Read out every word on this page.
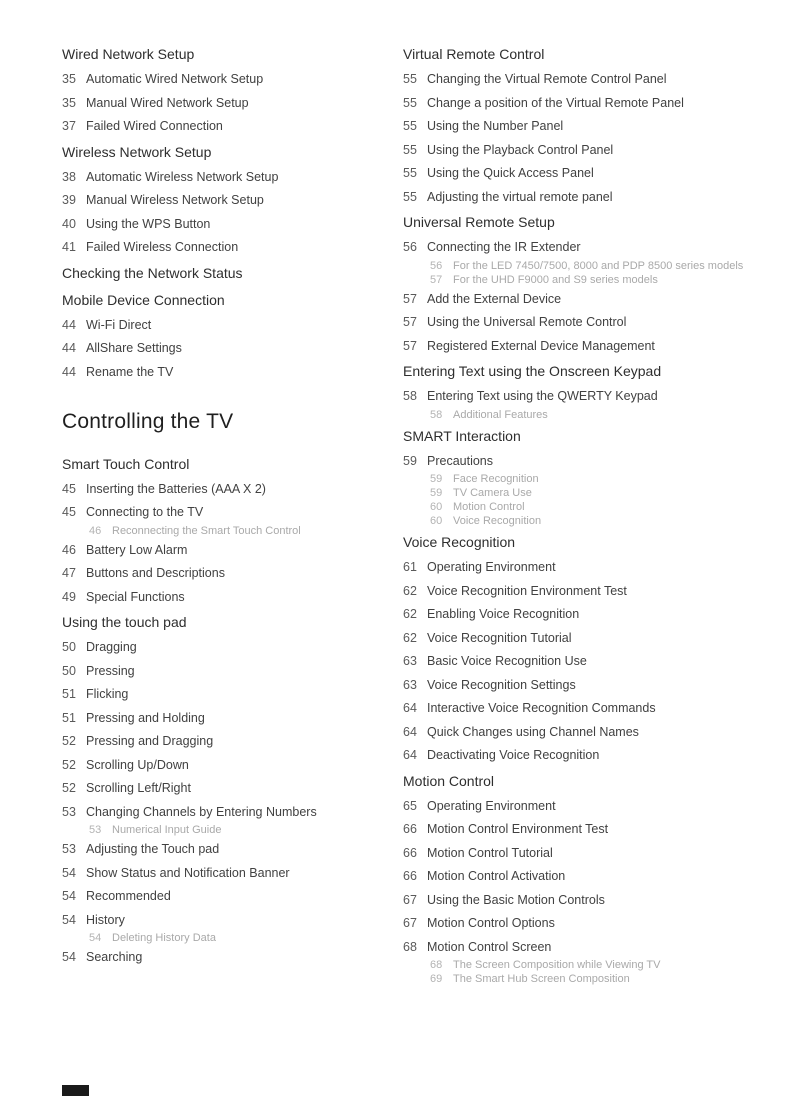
Wired Network Setup
35 Automatic Wired Network Setup
35 Manual Wired Network Setup
37 Failed Wired Connection
Wireless Network Setup
38 Automatic Wireless Network Setup
39 Manual Wireless Network Setup
40 Using the WPS Button
41 Failed Wireless Connection
Checking the Network Status
Mobile Device Connection
44 Wi-Fi Direct
44 AllShare Settings
44 Rename the TV
Controlling the TV
Smart Touch Control
45 Inserting the Batteries (AAA X 2)
45 Connecting to the TV
46 Reconnecting the Smart Touch Control
46 Battery Low Alarm
47 Buttons and Descriptions
49 Special Functions
Using the touch pad
50 Dragging
50 Pressing
51 Flicking
51 Pressing and Holding
52 Pressing and Dragging
52 Scrolling Up/Down
52 Scrolling Left/Right
53 Changing Channels by Entering Numbers
53 Numerical Input Guide
53 Adjusting the Touch pad
54 Show Status and Notification Banner
54 Recommended
54 History
54 Deleting History Data
54 Searching
Virtual Remote Control
55 Changing the Virtual Remote Control Panel
55 Change a position of the Virtual Remote Panel
55 Using the Number Panel
55 Using the Playback Control Panel
55 Using the Quick Access Panel
55 Adjusting the virtual remote panel
Universal Remote Setup
56 Connecting the IR Extender
56 For the LED 7450/7500, 8000 and PDP 8500 series models
57 For the UHD F9000 and S9 series models
57 Add the External Device
57 Using the Universal Remote Control
57 Registered External Device Management
Entering Text using the Onscreen Keypad
58 Entering Text using the QWERTY Keypad
58 Additional Features
SMART Interaction
59 Precautions
59 Face Recognition
59 TV Camera Use
60 Motion Control
60 Voice Recognition
Voice Recognition
61 Operating Environment
62 Voice Recognition Environment Test
62 Enabling Voice Recognition
62 Voice Recognition Tutorial
63 Basic Voice Recognition Use
63 Voice Recognition Settings
64 Interactive Voice Recognition Commands
64 Quick Changes using Channel Names
64 Deactivating Voice Recognition
Motion Control
65 Operating Environment
66 Motion Control Environment Test
66 Motion Control Tutorial
66 Motion Control Activation
67 Using the Basic Motion Controls
67 Motion Control Options
68 Motion Control Screen
68 The Screen Composition while Viewing TV
69 The Smart Hub Screen Composition
